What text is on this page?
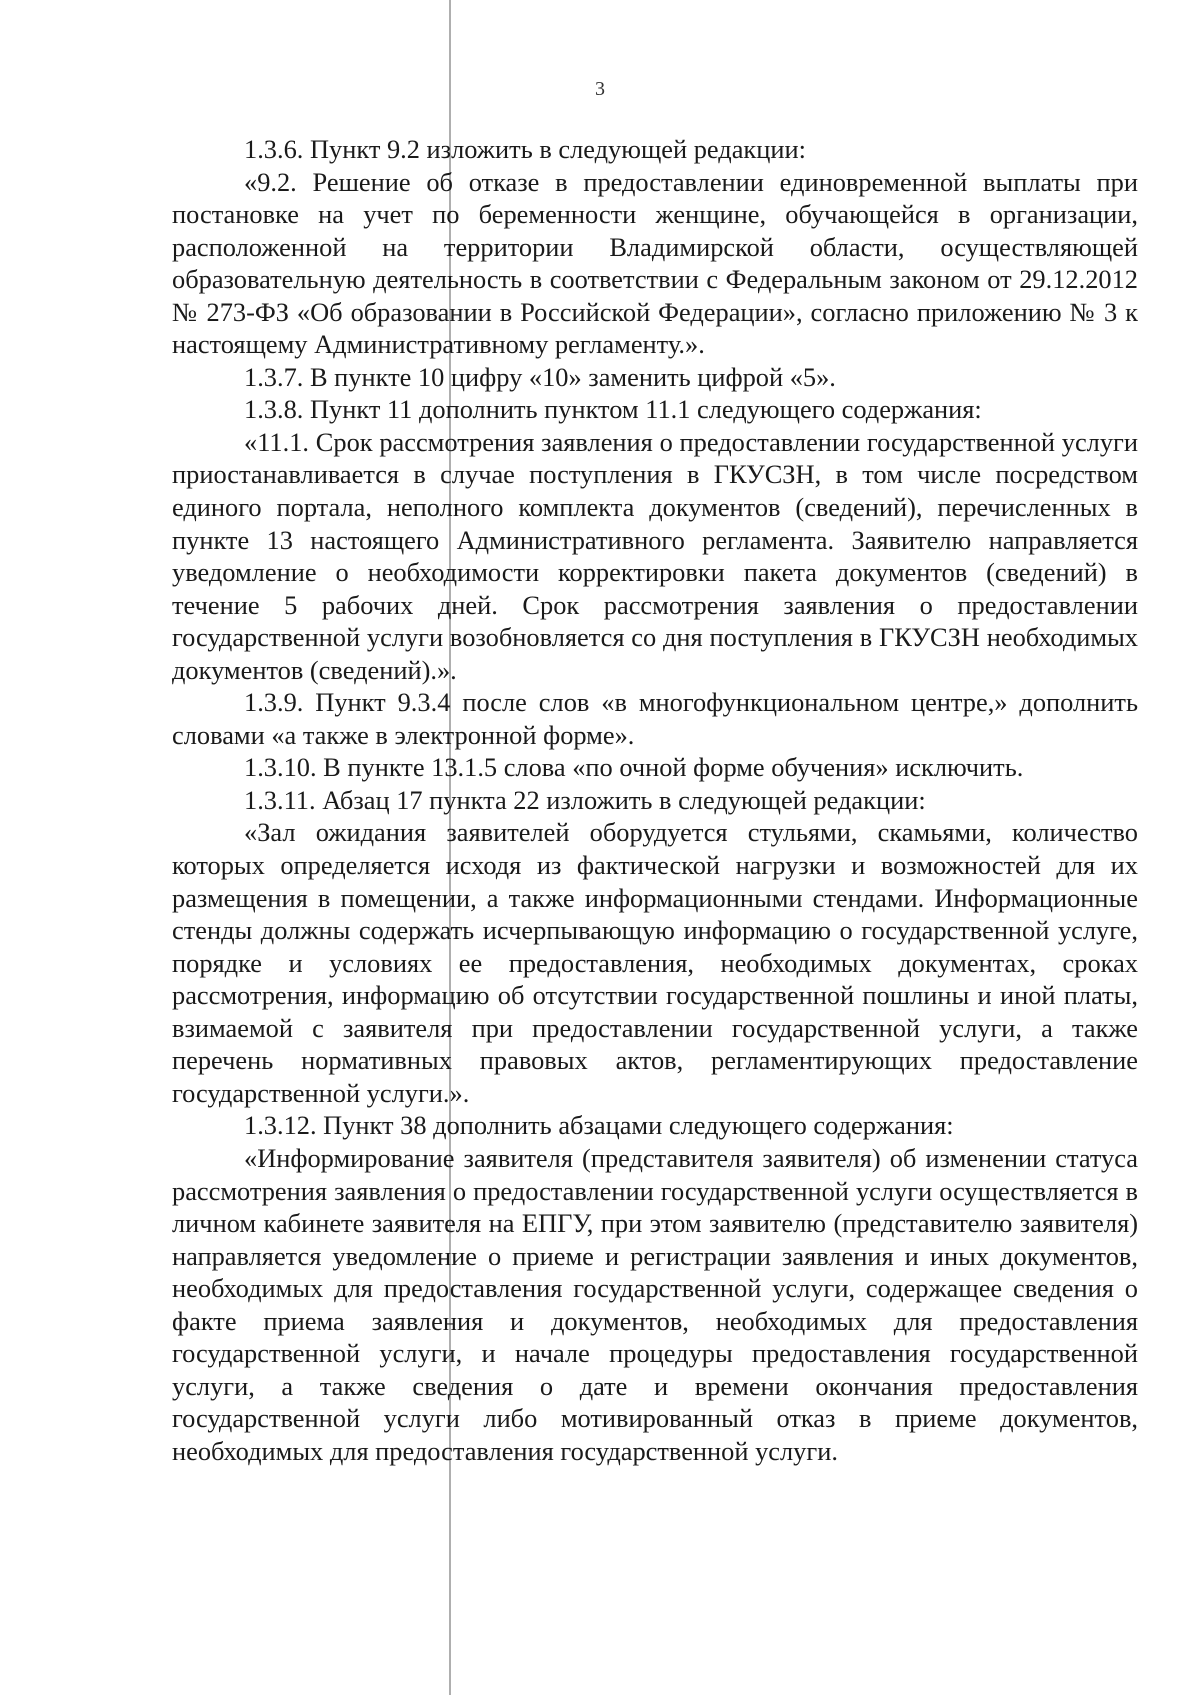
3

1.3.6. Пункт 9.2 изложить в следующей редакции:

«9.2. Решение об отказе в предоставлении единовременной выплаты при постановке на учет по беременности женщине, обучающейся в организации, расположенной на территории Владимирской области, осуществляющей образовательную деятельность в соответствии с Федеральным законом от 29.12.2012 № 273-ФЗ «Об образовании в Российской Федерации», согласно приложению № 3 к настоящему Административному регламенту.».

1.3.7. В пункте 10 цифру «10» заменить цифрой «5».

1.3.8. Пункт 11 дополнить пунктом 11.1 следующего содержания:

«11.1. Срок рассмотрения заявления о предоставлении государственной услуги приостанавливается в случае поступления в ГКУСЗН, в том числе посредством единого портала, неполного комплекта документов (сведений), перечисленных в пункте 13 настоящего Административного регламента. Заявителю направляется уведомление о необходимости корректировки пакета документов (сведений) в течение 5 рабочих дней. Срок рассмотрения заявления о предоставлении государственной услуги возобновляется со дня поступления в ГКУСЗН необходимых документов (сведений).».

1.3.9. Пункт 9.3.4 после слов «в многофункциональном центре,» дополнить словами «а также в электронной форме».

1.3.10. В пункте 13.1.5 слова «по очной форме обучения» исключить.

1.3.11. Абзац 17 пункта 22 изложить в следующей редакции:

«Зал ожидания заявителей оборудуется стульями, скамьями, количество которых определяется исходя из фактической нагрузки и возможностей для их размещения в помещении, а также информационными стендами. Информационные стенды должны содержать исчерпывающую информацию о государственной услуге, порядке и условиях ее предоставления, необходимых документах, сроках рассмотрения, информацию об отсутствии государственной пошлины и иной платы, взимаемой с заявителя при предоставлении государственной услуги, а также перечень нормативных правовых актов, регламентирующих предоставление государственной услуги.».

1.3.12. Пункт 38 дополнить абзацами следующего содержания:

«Информирование заявителя (представителя заявителя) об изменении статуса рассмотрения заявления о предоставлении государственной услуги осуществляется в личном кабинете заявителя на ЕПГУ, при этом заявителю (представителю заявителя) направляется уведомление о приеме и регистрации заявления и иных документов, необходимых для предоставления государственной услуги, содержащее сведения о факте приема заявления и документов, необходимых для предоставления государственной услуги, и начале процедуры предоставления государственной услуги, а также сведения о дате и времени окончания предоставления государственной услуги либо мотивированный отказ в приеме документов, необходимых для предоставления государственной услуги.
